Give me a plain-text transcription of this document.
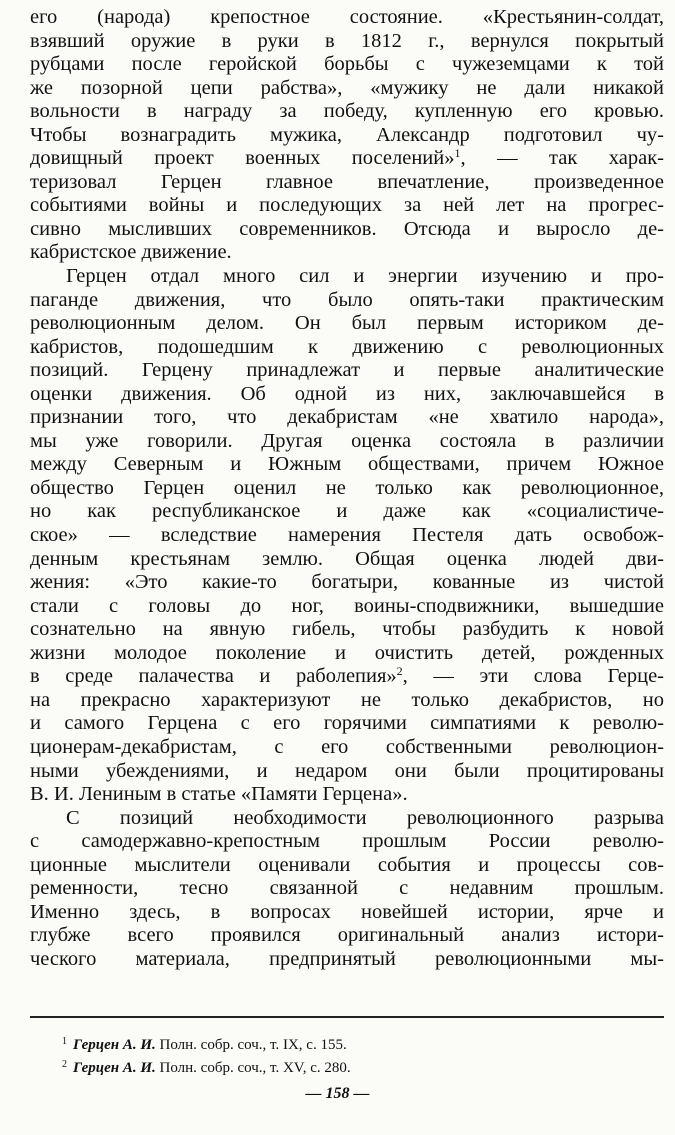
его (народа) крепостное состояние. «Крестьянин-солдат,
взявший оружие в руки в 1812 г., вернулся покрытый
рубцами после геройской борьбы с чужеземцами к той
же позорной цепи рабства», «мужику не дали никакой
вольности в награду за победу, купленную его кровью.
Чтобы вознаградить мужика, Александр подготовил чу-
довищный проект военных поселений»$^1$, — так харак-
теризовал Герцен главное впечатление, произведенное
событиями войны и последующих за ней лет на прогрес-
сивно мысливших современников. Отсюда и выросло де-
кабристское движение.
Герцен отдал много сил и энергии изучению и про-
паганде движения, что было опять-таки практическим
революционным делом. Он был первым историком де-
кабристов, подошедшим к движению с революционных
позиций. Герцену принадлежат и первые аналитические
оценки движения. Об одной из них, заключавшейся в
признании того, что декабристам «не хватило народа»,
мы уже говорили. Другая оценка состояла в различии
между Северным и Южным обществами, причем Южное
общество Герцен оценил не только как революционное,
но как республиканское и даже как «социалистиче-
ское» — вследствие намерения Пестеля дать освобож-
денным крестьянам землю. Общая оценка людей дви-
жения: «Это какие-то богатыри, кованные из чистой
стали с головы до ног, воины-сподвижники, вышедшие
сознательно на явную гибель, чтобы разбудить к новой
жизни молодое поколение и очистить детей, рожденных
в среде палачества и раболепия»$^2$, — эти слова Герце-
на прекрасно характеризуют не только декабристов, но
и самого Герцена с его горячими симпатиями к револю-
ционерам-декабристам, с его собственными революцион-
ными убеждениями, и недаром они были процитированы
В. И. Лениным в статье «Памяти Герцена».
С позиций необходимости революционного разрыва
с самодержавно-крепостным прошлым России револю-
ционные мыслители оценивали события и процессы сов-
ременности, тесно связанной с недавним прошлым.
Именно здесь, в вопросах новейшей истории, ярче и
глубже всего проявился оригинальный анализ истори-
ческого материала, предпринятый революционными мы-
$^1$ Герцен А. И. Полн. собр. соч., т. IX, с. 155.
$^2$ Герцен А. И. Полн. собр. соч., т. XV, с. 280.
— 158 —
